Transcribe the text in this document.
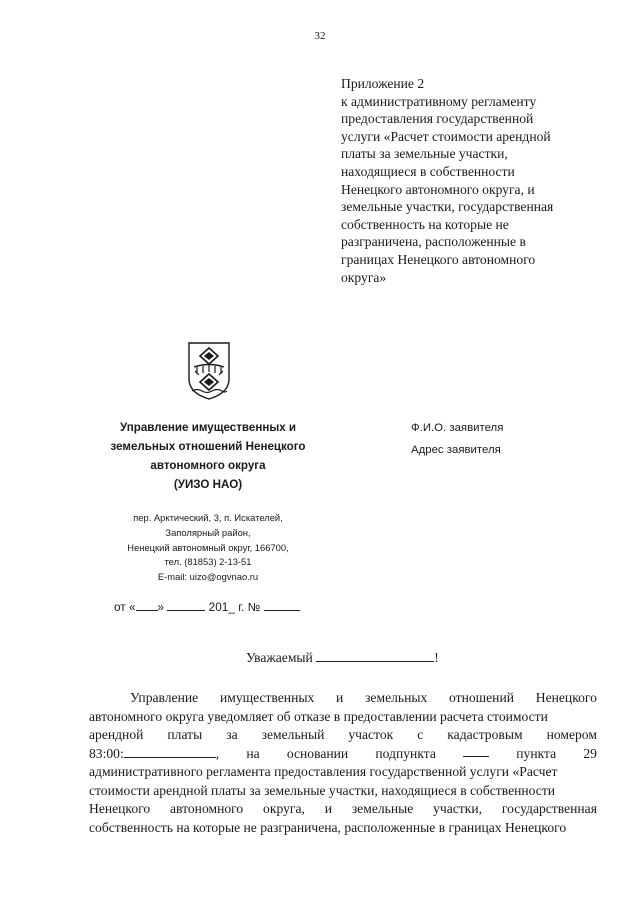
32
Приложение 2
к административному регламенту
предоставления государственной
услуги «Расчет стоимости арендной
платы за земельные участки,
находящиеся в собственности
Ненецкого автономного округа, и
земельные участки, государственная
собственность на которые не
разграничена, расположенные в
границах Ненецкого автономного
округа»
Управление имущественных и
земельных отношений Ненецкого
автономного округа
(УИЗО НАО)
пер. Арктический, 3, п. Искателей,
Заполярный район,
Ненецкий автономный округ, 166700,
тел. (81853) 2-13-51
E-mail: uizo@ogvnao.ru
Ф.И.О. заявителя
Адрес заявителя
от « »	201_ г. №
Уважаемый	!
Управление имущественных и земельных отношений Ненецкого
автономного округа уведомляет об отказе в предоставлении расчета стоимости
арендной платы за земельный участок с кадастровым номером
83:00:	, на основании подпункта	пункта 29
административного регламента предоставления государственной услуги «Расчет
стоимости арендной платы за земельные участки, находящиеся в собственности
Ненецкого автономного округа, и земельные участки, государственная
собственность на которые не разграничена, расположенные в границах Ненецкого
